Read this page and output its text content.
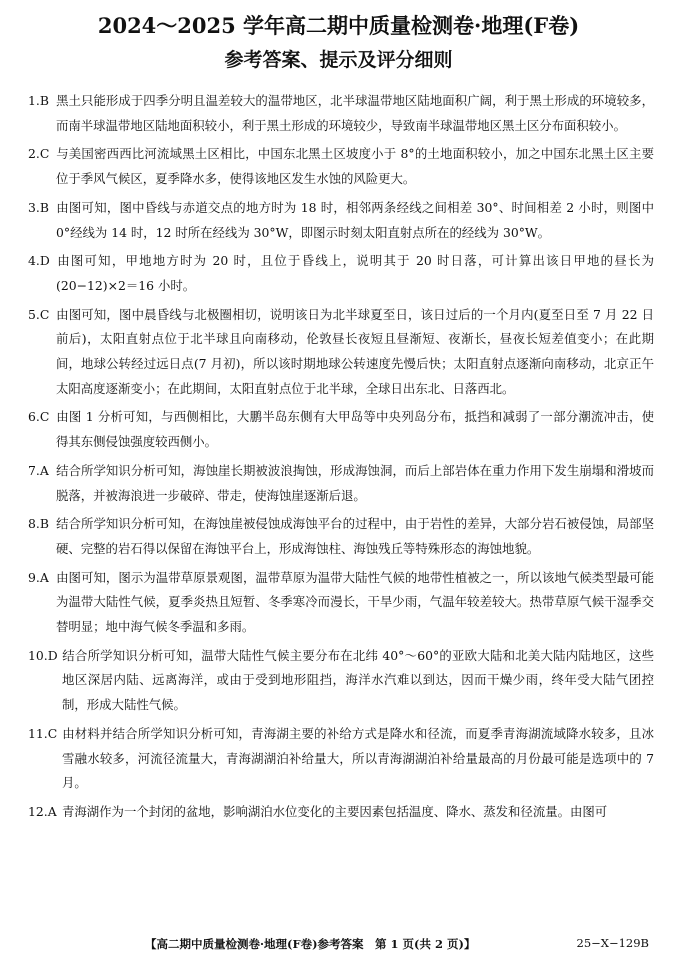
2024～2025 学年高二期中质量检测卷·地理(F卷)
参考答案、提示及评分细则

1.B 黑土只能形成于四季分明且温差较大的温带地区，北半球温带地区陆地面积广阔，利于黑土形成的环境较多，而南半球温带地区陆地面积较小，利于黑土形成的环境较少，导致南半球温带地区黑土区分布面积较小。

2.C 与美国密西西比河流域黑土区相比，中国东北黑土区坡度小于 8°的土地面积较小，加之中国东北黑土区主要位于季风气候区，夏季降水多，使得该地区发生水蚀的风险更大。

3.B 由图可知，图中昏线与赤道交点的地方时为 18 时，相邻两条经线之间相差 30°、时间相差 2 小时，则图中 0°经线为 14 时，12 时所在经线为 30°W，即图示时刻太阳直射点所在的经线为 30°W。

4.D 由图可知，甲地地方时为 20 时，且位于昏线上，说明其于 20 时日落，可计算出该日甲地的昼长为(20−12)×2＝16 小时。

5.C 由图可知，图中晨昏线与北极圈相切，说明该日为北半球夏至日，该日过后的一个月内(夏至日至 7 月 22 日前后)，太阳直射点位于北半球且向南移动，伦敦昼长夜短且昼渐短、夜渐长，昼夜长短差值变小；在此期间，地球公转经过远日点(7 月初)，所以该时期地球公转速度先慢后快；太阳直射点逐渐向南移动，北京正午太阳高度逐渐变小；在此期间，太阳直射点位于北半球，全球日出东北、日落西北。

6.C 由图 1 分析可知，与西侧相比，大鹏半岛东侧有大甲岛等中央列岛分布，抵挡和减弱了一部分潮流冲击，使得其东侧侵蚀强度较西侧小。

7.A 结合所学知识分析可知，海蚀崖长期被波浪掏蚀，形成海蚀洞，而后上部岩体在重力作用下发生崩塌和滑坡而脱落，并被海浪进一步破碎、带走，使海蚀崖逐渐后退。

8.B 结合所学知识分析可知，在海蚀崖被侵蚀成海蚀平台的过程中，由于岩性的差异，大部分岩石被侵蚀，局部坚硬、完整的岩石得以保留在海蚀平台上，形成海蚀柱、海蚀残丘等特殊形态的海蚀地貌。

9.A 由图可知，图示为温带草原景观图，温带草原为温带大陆性气候的地带性植被之一，所以该地气候类型最可能为温带大陆性气候，夏季炎热且短暂、冬季寒冷而漫长，干旱少雨，气温年较差较大。热带草原气候干湿季交替明显；地中海气候冬季温和多雨。

10.D 结合所学知识分析可知，温带大陆性气候主要分布在北纬 40°～60°的亚欧大陆和北美大陆内陆地区，这些地区深居内陆、远离海洋，或由于受到地形阻挡，海洋水汽难以到达，因而干燥少雨，终年受大陆气团控制，形成大陆性气候。

11.C 由材料并结合所学知识分析可知，青海湖主要的补给方式是降水和径流，而夏季青海湖流域降水较多，且冰雪融水较多，河流径流量大，青海湖湖泊补给量大，所以青海湖湖泊补给量最高的月份最可能是选项中的 7 月。

12.A 青海湖作为一个封闭的盆地，影响湖泊水位变化的主要因素包括温度、降水、蒸发和径流量。由图可

【高二期中质量检测卷·地理(F卷)参考答案　第 1 页(共 2 页)】	25−X−129B
